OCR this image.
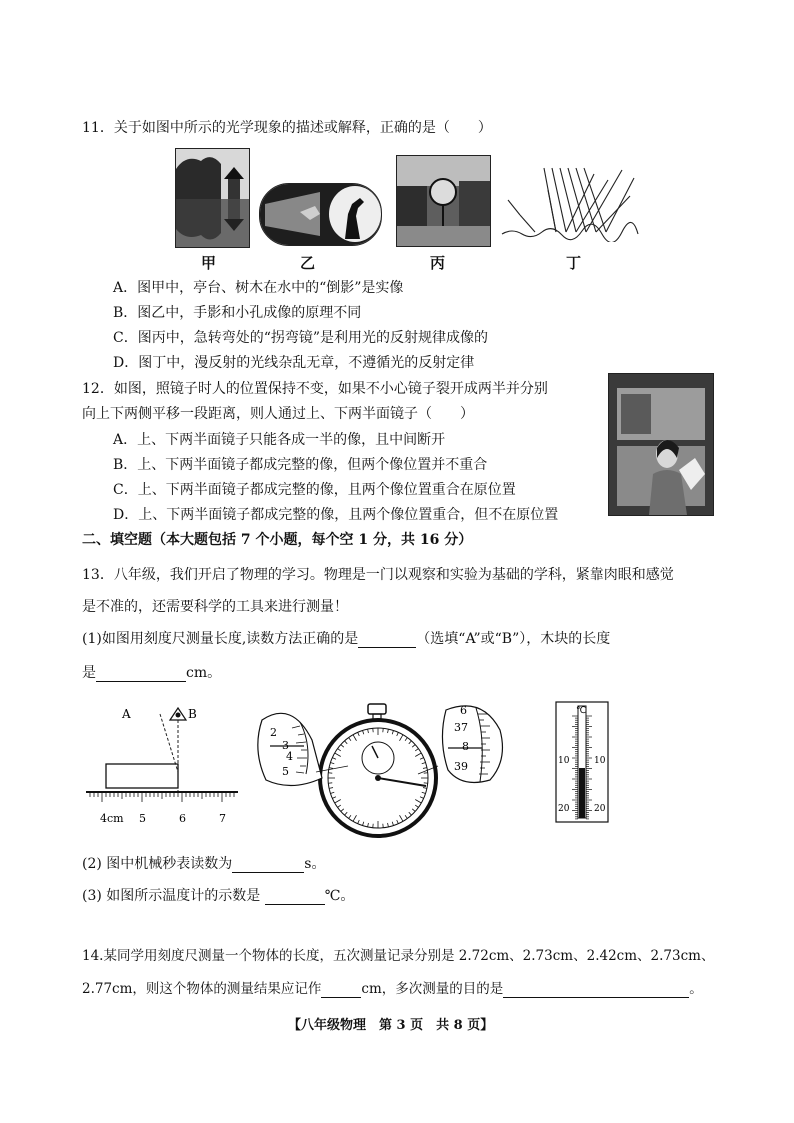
11．关于如图中所示的光学现象的描述或解释，正确的是（　　）
甲	乙	丙	丁
A．图甲中，亭台、树木在水中的“倒影”是实像
B．图乙中，手影和小孔成像的原理不同
C．图丙中，急转弯处的“拐弯镜”是利用光的反射规律成像的
D．图丁中，漫反射的光线杂乱无章，不遵循光的反射定律
12．如图，照镜子时人的位置保持不变，如果不小心镜子裂开成两半并分别
向上下两侧平移一段距离，则人通过上、下两半面镜子（　　）
A．上、下两半面镜子只能各成一半的像，且中间断开
B．上、下两半面镜子都成完整的像，但两个像位置并不重合
C．上、下两半面镜子都成完整的像，且两个像位置重合在原位置
D．上、下两半面镜子都成完整的像，且两个像位置重合，但不在原位置
二、填空题（本大题包括 7 个小题，每个空 1 分，共 16 分）
13．八年级，我们开启了物理的学习。物理是一门以观察和实验为基础的学科，紧靠肉眼和感觉
是不准的，还需要科学的工具来进行测量！
(1)如图用刻度尺测量长度,读数方法正确的是	（选填“A”或“B”），木块的长度
是	cm。
A	B
4cm 5	6	7
2
3
4
5
6
37
8
39
℃
10
20
10
20
(2) 图中机械秒表读数为	s。
(3) 如图所示温度计的示数是	℃。
14.某同学用刻度尺测量一个物体的长度，五次测量记录分别是 2.72cm、2.73cm、2.42cm、2.73cm、
2.77cm，则这个物体的测量结果应记作	cm，多次测量的目的是	。
【八年级物理　第 3 页　共 8 页】
